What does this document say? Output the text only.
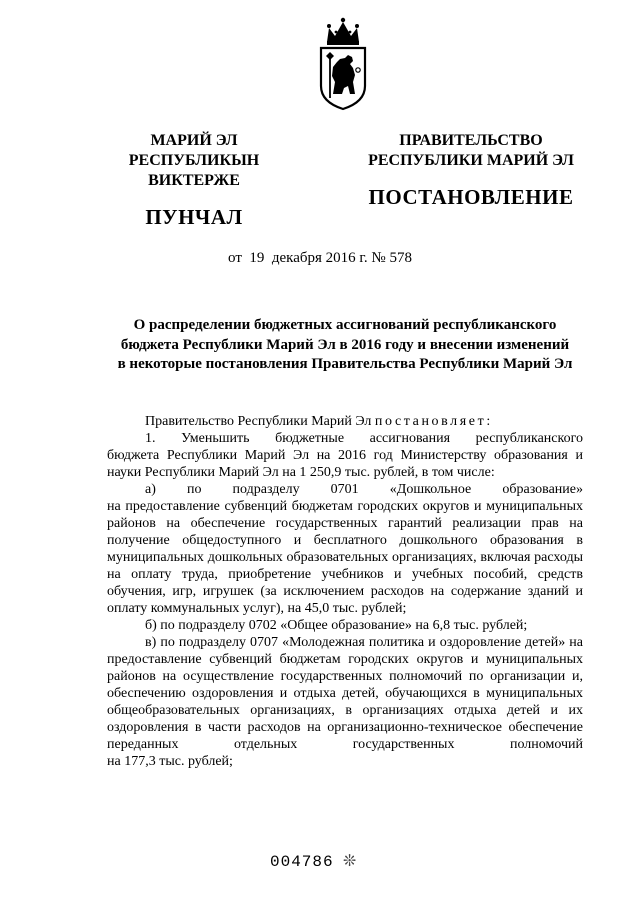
МАРИЙ ЭЛ РЕСПУБЛИКЫН
ВИКТЕРЖЕ
ПУНЧАЛ
ПРАВИТЕЛЬСТВО
РЕСПУБЛИКИ МАРИЙ ЭЛ
ПОСТАНОВЛЕНИЕ
от  19  декабря 2016 г. № 578
О распределении бюджетных ассигнований республиканского
бюджета Республики Марий Эл в 2016 году и внесении изменений
в некоторые постановления Правительства Республики Марий Эл

Правительство Республики Марий Эл постановляет:

1. Уменьшить бюджетные ассигнования республиканского

бюджета Республики Марий Эл на 2016 год Министерству образования и науки Республики Марий Эл на 1 250,9 тыс. рублей, в том числе:

а) по подразделу 0701 «Дошкольное образование»

на предоставление субвенций бюджетам городских округов и муниципальных районов на обеспечение государственных гарантий реализации прав на получение общедоступного и бесплатного дошкольного образования в муниципальных дошкольных образовательных организациях, включая расходы на оплату труда, приобретение учебников и учебных пособий, средств обучения, игр, игрушек (за исключением расходов на содержание зданий и оплату коммунальных услуг), на 45,0 тыс. рублей;

б) по подразделу 0702 «Общее образование» на 6,8 тыс. рублей;

в) по подразделу 0707 «Молодежная политика и оздоровление детей» на предоставление субвенций бюджетам городских округов и муниципальных районов на осуществление государственных полномочий по организации и, обеспечению оздоровления и отдыха детей, обучающихся в муниципальных общеобразовательных организациях, в организациях отдыха детей и их оздоровления в части расходов на организационно-техническое обеспечение переданных отдельных государственных полномочий

на 177,3 тыс. рублей;

004786 ❊
